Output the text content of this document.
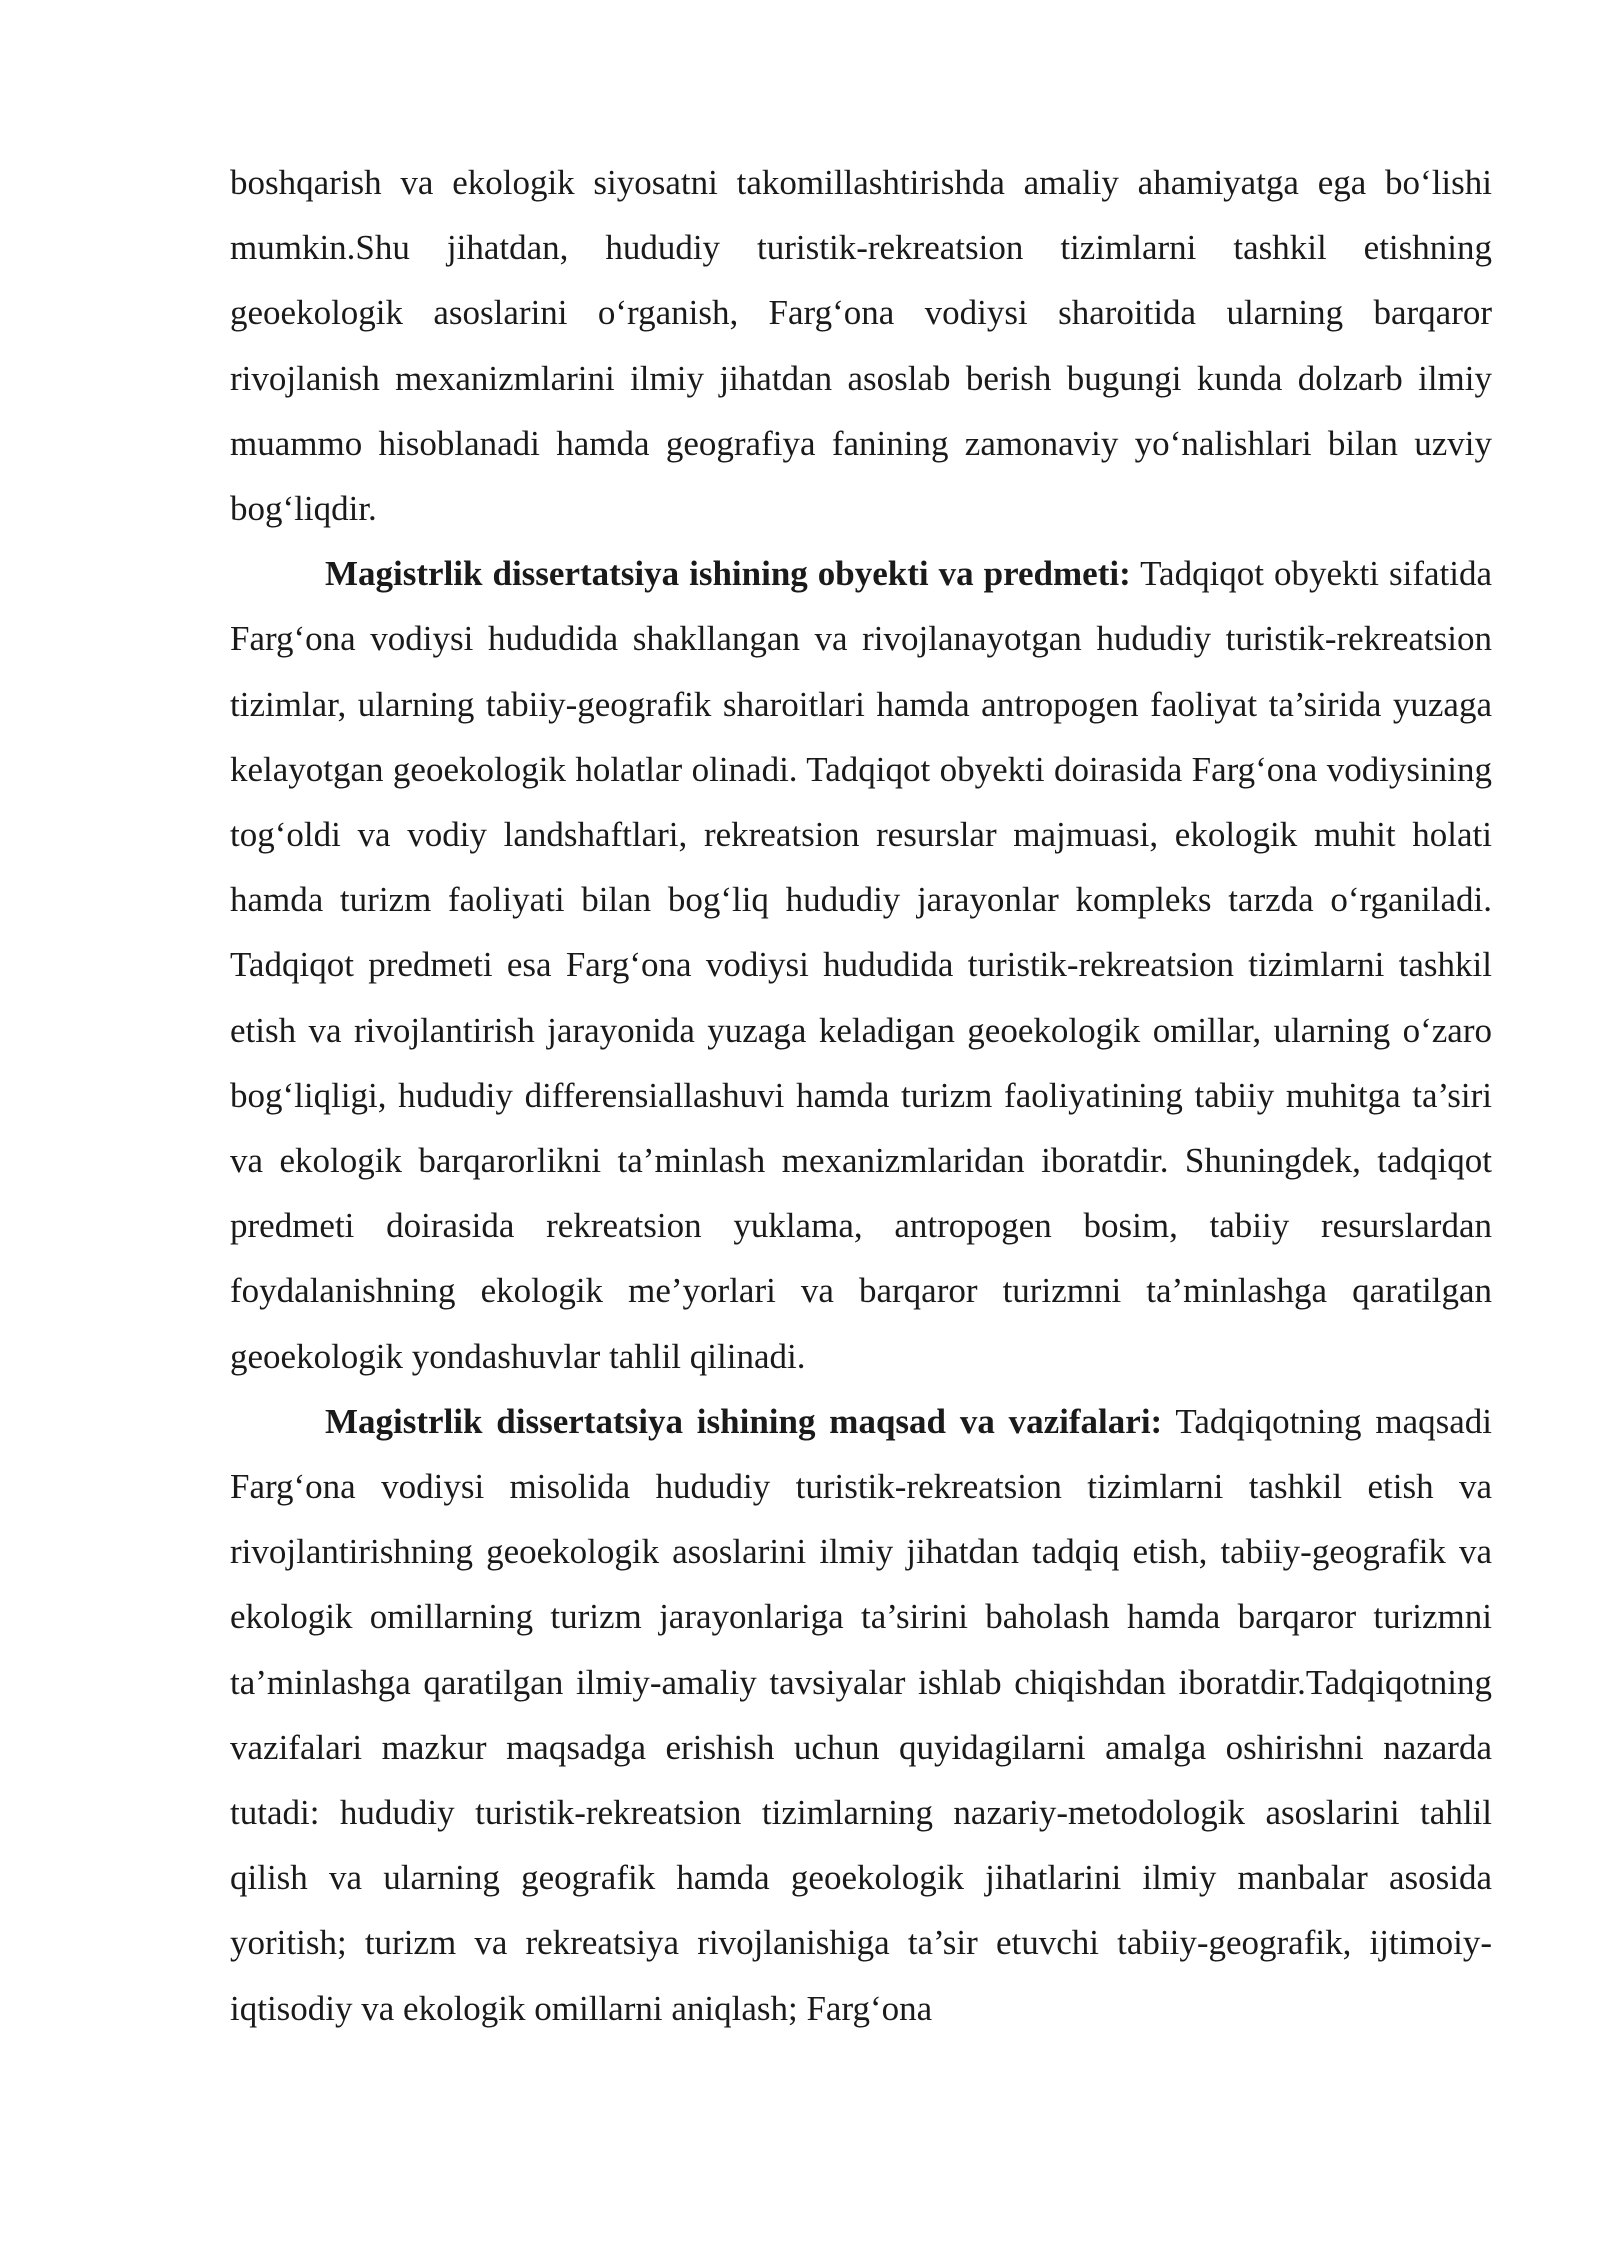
boshqarish va ekologik siyosatni takomillashtirishda amaliy ahamiyatga ega bo‘lishi mumkin.Shu jihatdan, hududiy turistik-rekreatsion tizimlarni tashkil etishning geoekologik asoslarini o‘rganish, Farg‘ona vodiysi sharoitida ularning barqaror rivojlanish mexanizmlarini ilmiy jihatdan asoslab berish bugungi kunda dolzarb ilmiy muammo hisoblanadi hamda geografiya fanining zamonaviy yo‘nalishlari bilan uzviy bog‘liqdir.

Magistrlik dissertatsiya ishining obyekti va predmeti: Tadqiqot obyekti sifatida Farg‘ona vodiysi hududida shakllangan va rivojlanayotgan hududiy turistik-rekreatsion tizimlar, ularning tabiiy-geografik sharoitlari hamda antropogen faoliyat ta’sirida yuzaga kelayotgan geoekologik holatlar olinadi. Tadqiqot obyekti doirasida Farg‘ona vodiysining tog‘oldi va vodiy landshaftlari, rekreatsion resurslar majmuasi, ekologik muhit holati hamda turizm faoliyati bilan bog‘liq hududiy jarayonlar kompleks tarzda o‘rganiladi. Tadqiqot predmeti esa Farg‘ona vodiysi hududida turistik-rekreatsion tizimlarni tashkil etish va rivojlantirish jarayonida yuzaga keladigan geoekologik omillar, ularning o‘zaro bog‘liqligi, hududiy differensiallashuvi hamda turizm faoliyatining tabiiy muhitga ta’siri va ekologik barqarorlikni ta’minlash mexanizmlaridan iboratdir. Shuningdek, tadqiqot predmeti doirasida rekreatsion yuklama, antropogen bosim, tabiiy resurslardan foydalanishning ekologik me’yorlari va barqaror turizmni ta’minlashga qaratilgan geoekologik yondashuvlar tahlil qilinadi.

Magistrlik dissertatsiya ishining maqsad va vazifalari: Tadqiqotning maqsadi Farg‘ona vodiysi misolida hududiy turistik-rekreatsion tizimlarni tashkil etish va rivojlantirishning geoekologik asoslarini ilmiy jihatdan tadqiq etish, tabiiy-geografik va ekologik omillarning turizm jarayonlariga ta’sirini baholash hamda barqaror turizmni ta’minlashga qaratilgan ilmiy-amaliy tavsiyalar ishlab chiqishdan iboratdir.Tadqiqotning vazifalari mazkur maqsadga erishish uchun quyidagilarni amalga oshirishni nazarda tutadi: hududiy turistik-rekreatsion tizimlarning nazariy-metodologik asoslarini tahlil qilish va ularning geografik hamda geoekologik jihatlarini ilmiy manbalar asosida yoritish; turizm va rekreatsiya rivojlanishiga ta’sir etuvchi tabiiy-geografik, ijtimoiy-iqtisodiy va ekologik omillarni aniqlash; Farg‘ona
